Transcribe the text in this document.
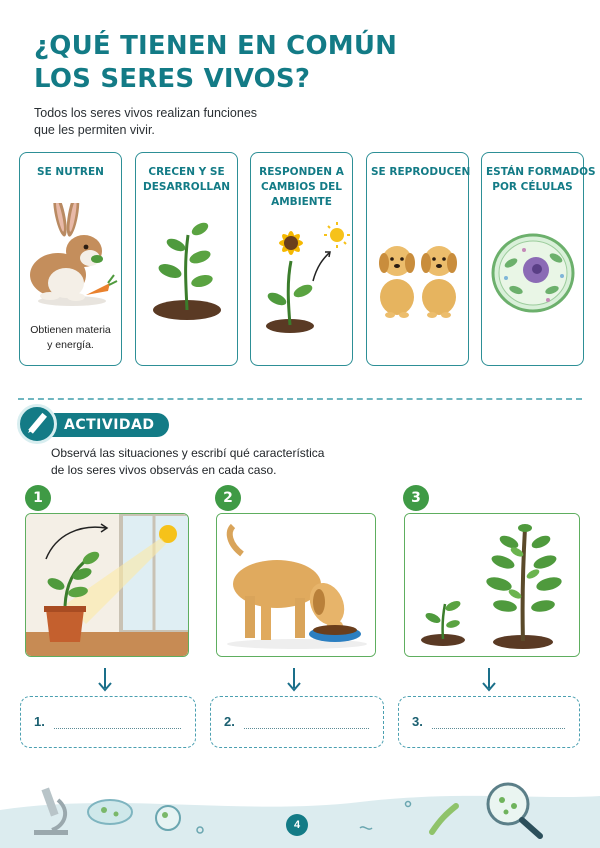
¿QUÉ TIENEN EN COMÚN
LOS SERES VIVOS?
Todos los seres vivos realizan funciones
que les permiten vivir.
SE NUTREN
Obtienen materia
y energía.
CRECEN Y SE
DESARROLLAN
RESPONDEN A
CAMBIOS DEL
AMBIENTE
SE REPRODUCEN ESTÁN FORMADOS
POR CÉLULAS
ACTIVIDAD
Observá las situaciones y escribí qué característica
de los seres vivos observás en cada caso.
1	2	3
1.	2.	3.
4
